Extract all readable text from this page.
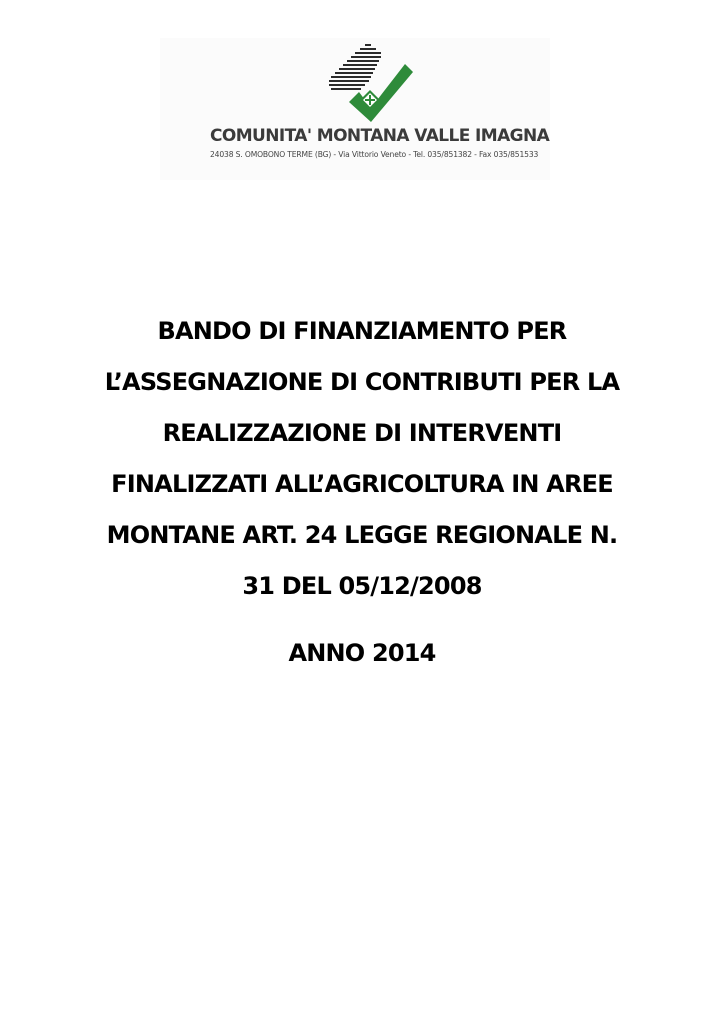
COMUNITA' MONTANA VALLE IMAGNA
24038 S. OMOBONO TERME (BG) - Via Vittorio Veneto - Tel. 035/851382 - Fax 035/851533
BANDO DI FINANZIAMENTO PER
L’ASSEGNAZIONE DI CONTRIBUTI PER LA
REALIZZAZIONE DI INTERVENTI
FINALIZZATI ALL’AGRICOLTURA IN AREE
MONTANE ART. 24 LEGGE REGIONALE N.
31 DEL 05/12/2008
ANNO 2014
